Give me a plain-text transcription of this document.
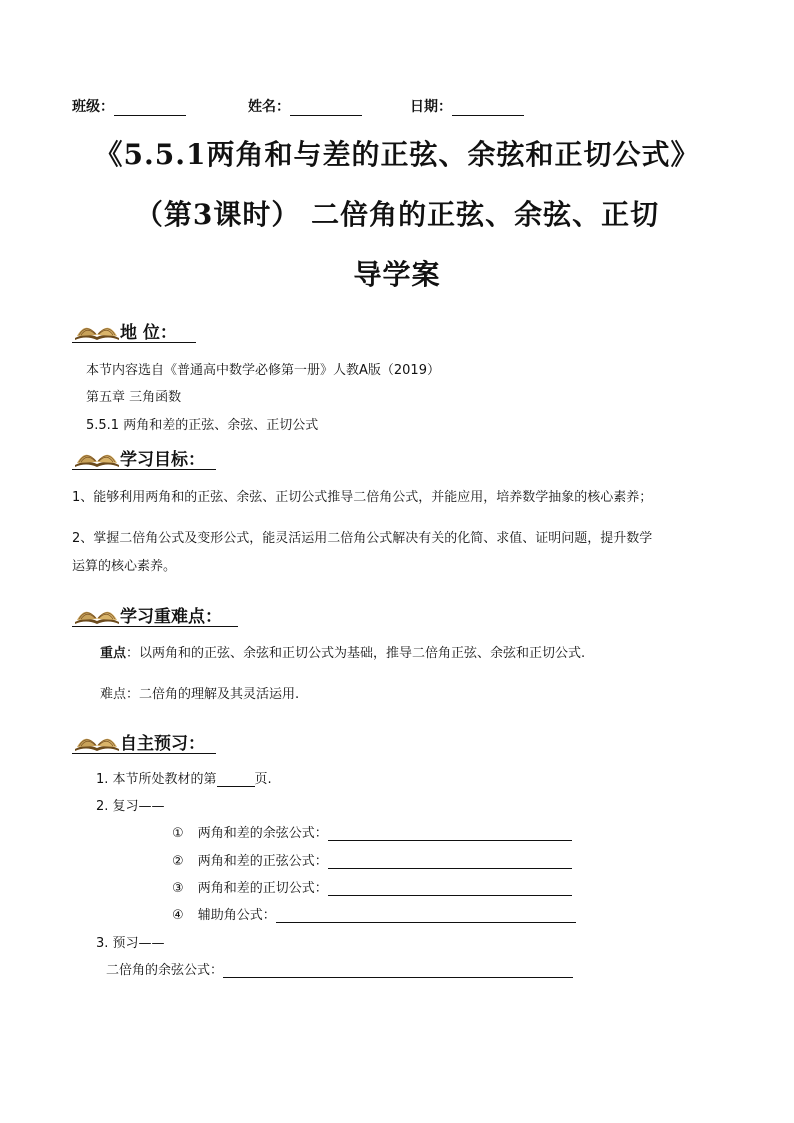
班级：	姓名：	日期：
《5.5.1两角和与差的正弦、余弦和正切公式》
（第3课时） 二倍角的正弦、余弦、正切
导学案
地 位：
本节内容选自《普通高中数学必修第一册》人教A版（2019）
第五章 三角函数
5.5.1 两角和差的正弦、余弦、正切公式
学习目标：
1、能够利用两角和的正弦、余弦、正切公式推导二倍角公式，并能应用，培养数学抽象的核心素养；
2、掌握二倍角公式及变形公式，能灵活运用二倍角公式解决有关的化简、求值、证明问题，提升数学
运算的核心素养。
学习重难点：
重点：以两角和的正弦、余弦和正切公式为基础，推导二倍角正弦、余弦和正切公式.
难点：二倍角的理解及其灵活运用.
自主预习：
1. 本节所处教材的第	页.
2. 复习——
① 两角和差的余弦公式：
② 两角和差的正弦公式：
③ 两角和差的正切公式：
④ 辅助角公式：
3. 预习——
二倍角的余弦公式：
